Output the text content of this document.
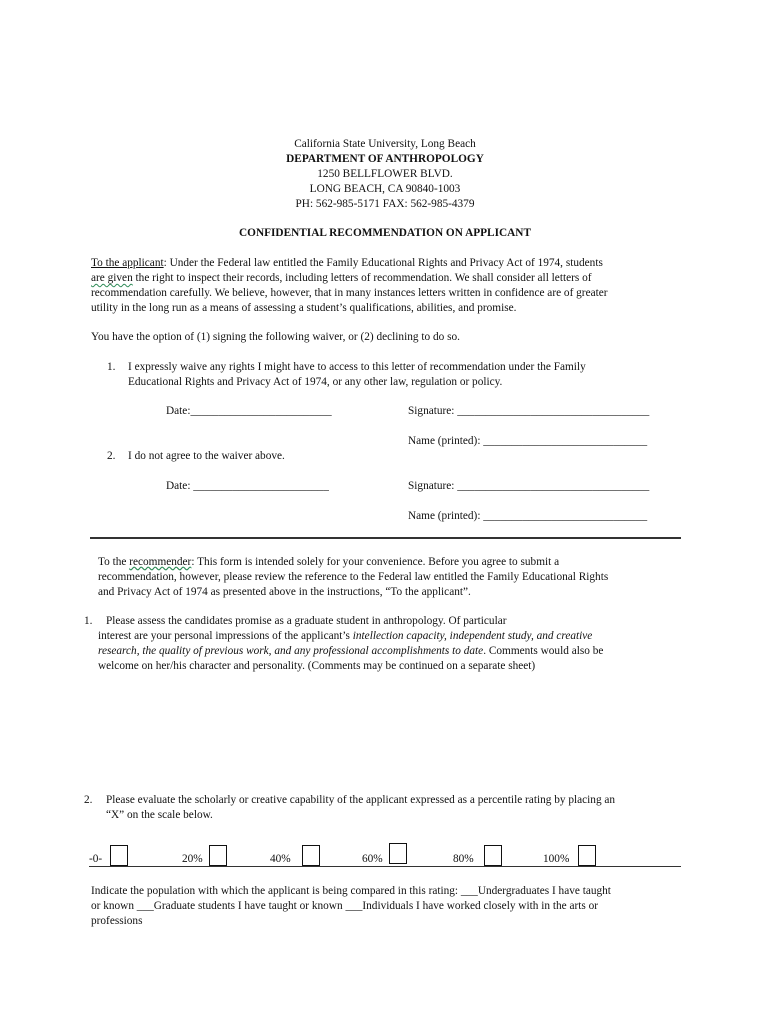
California State University, Long Beach
DEPARTMENT OF ANTHROPOLOGY
1250 BELLFLOWER BLVD.
LONG BEACH, CA 90840-1003
PH: 562-985-5171 FAX: 562-985-4379
CONFIDENTIAL RECOMMENDATION ON APPLICANT
To the applicant: Under the Federal law entitled the Family Educational Rights and Privacy Act of 1974, students
are given the right to inspect their records, including letters of recommendation. We shall consider all letters of
recommendation carefully. We believe, however, that in many instances letters written in confidence are of greater
utility in the long run as a means of assessing a student’s qualifications, abilities, and promise.
You have the option of (1) signing the following waiver, or (2) declining to do so.
1. I expressly waive any rights I might have to access to this letter of recommendation under the Family
Educational Rights and Privacy Act of 1974, or any other law, regulation or policy.
Date:_________________________	Signature: __________________________________
Name (printed): _____________________________
2. I do not agree to the waiver above.
Date: ________________________	Signature: __________________________________
Name (printed): _____________________________
To the recommender: This form is intended solely for your convenience. Before you agree to submit a
recommendation, however, please review the reference to the Federal law entitled the Family Educational Rights
and Privacy Act of 1974 as presented above in the instructions, “To the applicant”.
1. Please assess the candidates promise as a graduate student in anthropology. Of particular
interest are your personal impressions of the applicant’s intellection capacity, independent study, and creative
research, the quality of previous work, and any professional accomplishments to date. Comments would also be
welcome on her/his character and personality. (Comments may be continued on a separate sheet)
2. Please evaluate the scholarly or creative capability of the applicant expressed as a percentile rating by placing an
“X” on the scale below.
-0-	20%	40%	60%	80%	100%
Indicate the population with which the applicant is being compared in this rating: ___Undergraduates I have taught
or known ___Graduate students I have taught or known ___Individuals I have worked closely with in the arts or
professions
